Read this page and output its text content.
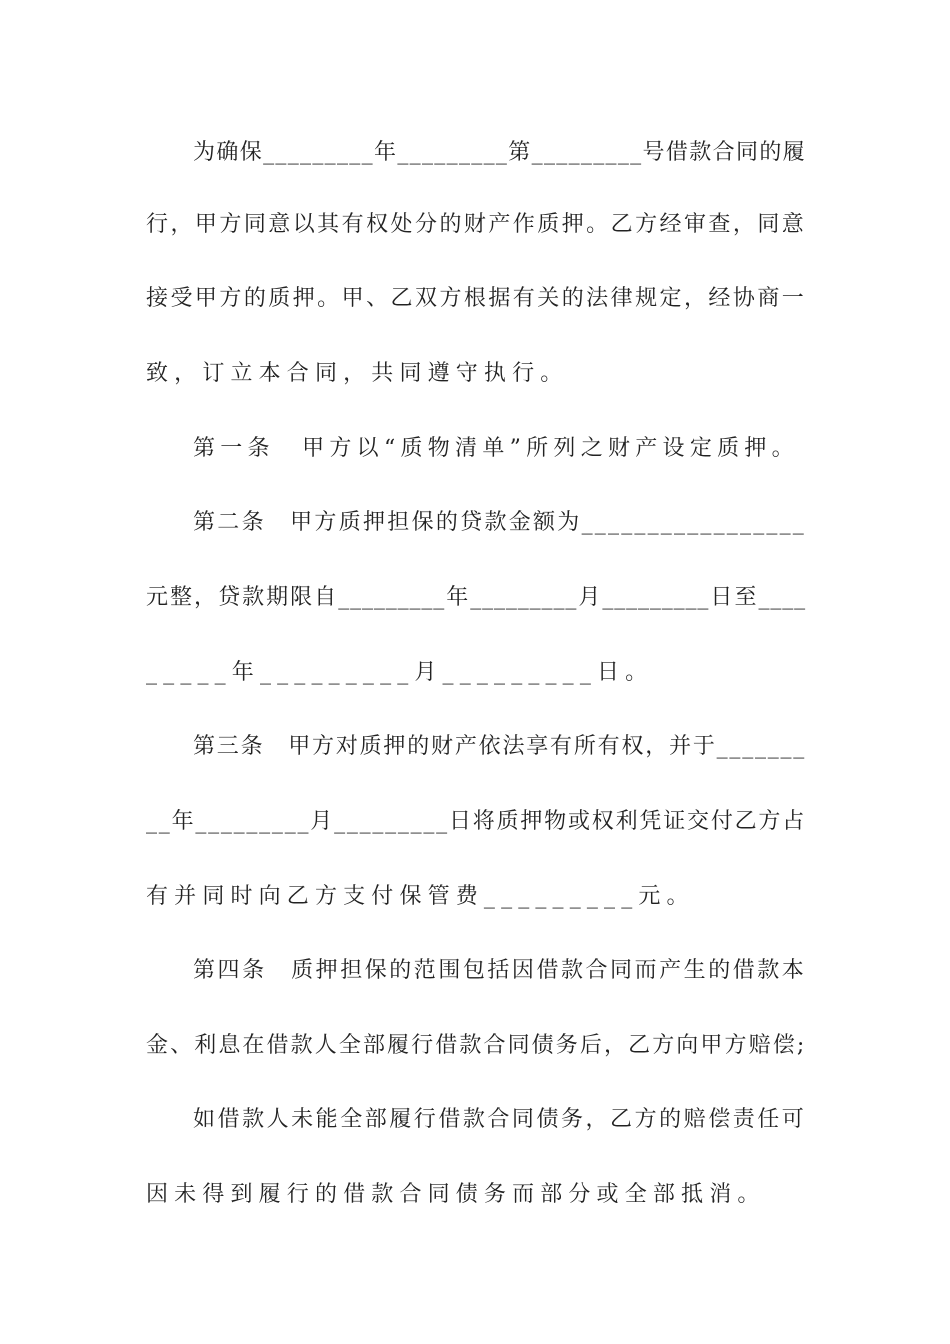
为确保_________年_________第_________号借款合同的履
行，甲方同意以其有权处分的财产作质押。乙方经审查，同意
接受甲方的质押。甲、乙双方根据有关的法律规定，经协商一
致，订立本合同，共同遵守执行。
第一条　甲方以“质物清单”所列之财产设定质押。
第二条　甲方质押担保的贷款金额为_________________
元整，贷款期限自_________年_________月_________日至____
_____年_________月_________日。
第三条　甲方对质押的财产依法享有所有权，并于_______
__年_________月_________日将质押物或权利凭证交付乙方占
有并同时向乙方支付保管费_________元。
第四条　质押担保的范围包括因借款合同而产生的借款本
金、利息在借款人全部履行借款合同债务后，乙方向甲方赔偿;
如借款人未能全部履行借款合同债务，乙方的赔偿责任可
因未得到履行的借款合同债务而部分或全部抵消。
